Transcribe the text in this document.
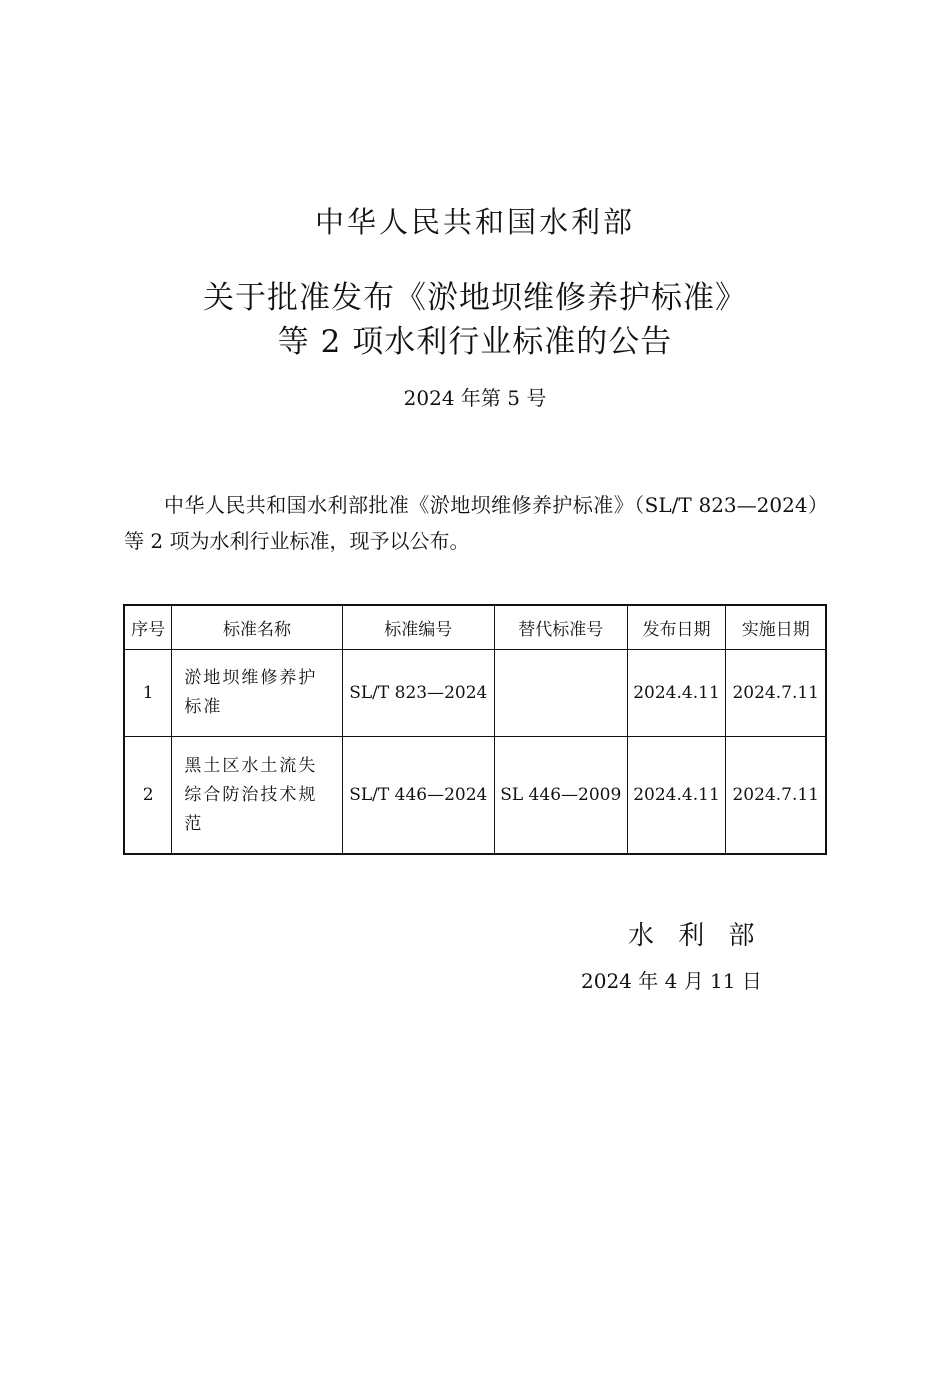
中华人民共和国水利部
关于批准发布《淤地坝维修养护标准》
等 2 项水利行业标准的公告
2024 年第 5 号
中华人民共和国水利部批准《淤地坝维修养护标准》（SL/T 823—2024）等 2 项为水利行业标准，现予以公布。
序号	标准名称	标准编号	替代标准号	发布日期	实施日期
1	淤地坝维修养护标准	SL/T 823—2024		2024.4.11	2024.7.11
2	黑土区水土流失综合防治技术规范	SL/T 446—2024	SL 446—2009	2024.4.11	2024.7.11
水 利 部
2024 年 4 月 11 日
